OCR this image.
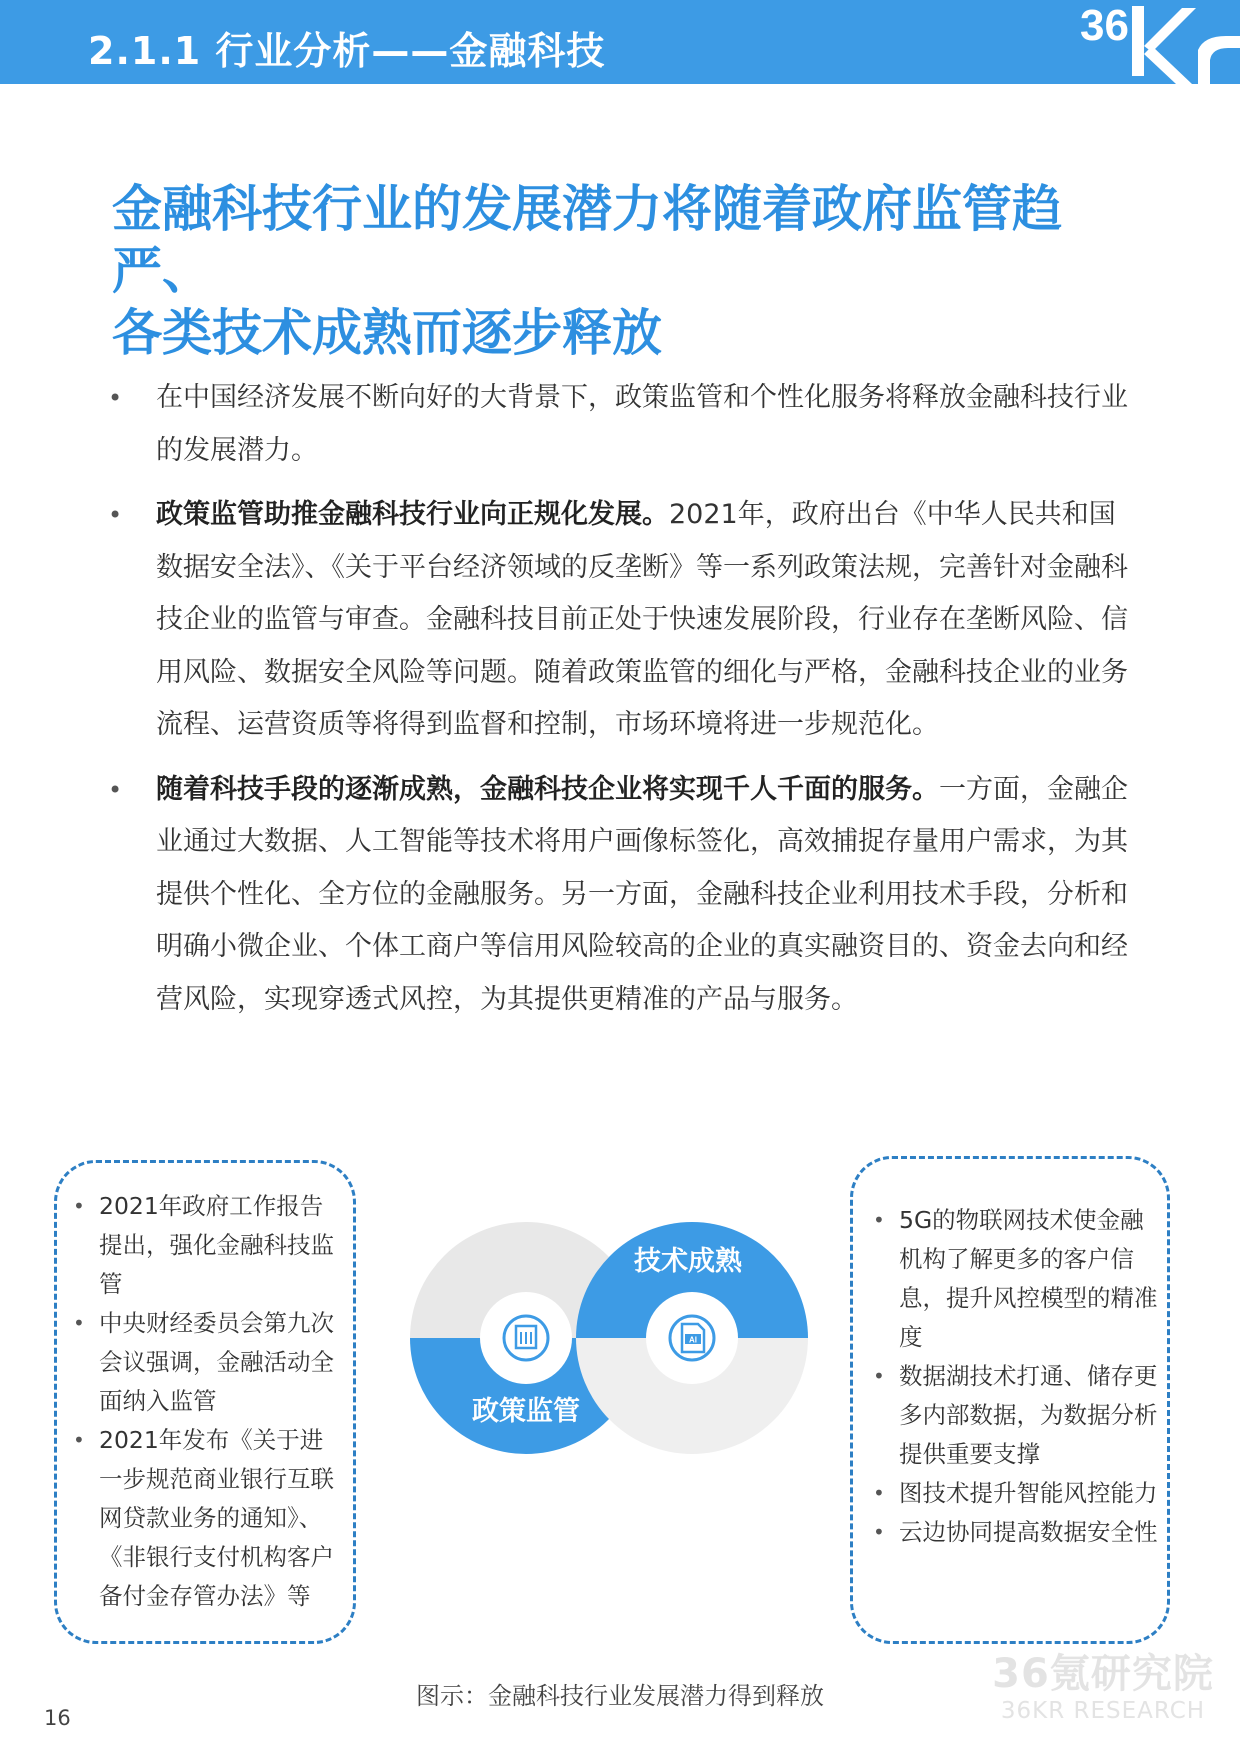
2.1.1 行业分析——金融科技
36
金融科技行业的发展潜力将随着政府监管趋严、
各类技术成熟而逐步释放
• 在中国经济发展不断向好的大背景下，政策监管和个性化服务将释放金融科技行业的发展潜力。
• 政策监管助推金融科技行业向正规化发展。2021年，政府出台《中华人民共和国数据安全法》、《关于平台经济领域的反垄断》等一系列政策法规，完善针对金融科技企业的监管与审查。金融科技目前正处于快速发展阶段，行业存在垄断风险、信用风险、数据安全风险等问题。随着政策监管的细化与严格，金融科技企业的业务流程、运营资质等将得到监督和控制，市场环境将进一步规范化。
• 随着科技手段的逐渐成熟，金融科技企业将实现千人千面的服务。一方面，金融企业通过大数据、人工智能等技术将用户画像标签化，高效捕捉存量用户需求，为其提供个性化、全方位的金融服务。另一方面，金融科技企业利用技术手段，分析和明确小微企业、个体工商户等信用风险较高的企业的真实融资目的、资金去向和经营风险，实现穿透式风控，为其提供更精准的产品与服务。
• 2021年政府工作报告提出，强化金融科技监管
• 中央财经委员会第九次会议强调，金融活动全面纳入监管
• 2021年发布《关于进一步规范商业银行互联网贷款业务的通知》、《非银行支付机构客户备付金存管办法》等
AI
政策监管
技术成熟
• 5G的物联网技术使金融机构了解更多的客户信息，提升风控模型的精准度
• 数据湖技术打通、储存更多内部数据，为数据分析提供重要支撑
• 图技术提升智能风控能力
• 云边协同提高数据安全性
图示：金融科技行业发展潜力得到释放	36氪研究院
36KR RESEARCH
16
